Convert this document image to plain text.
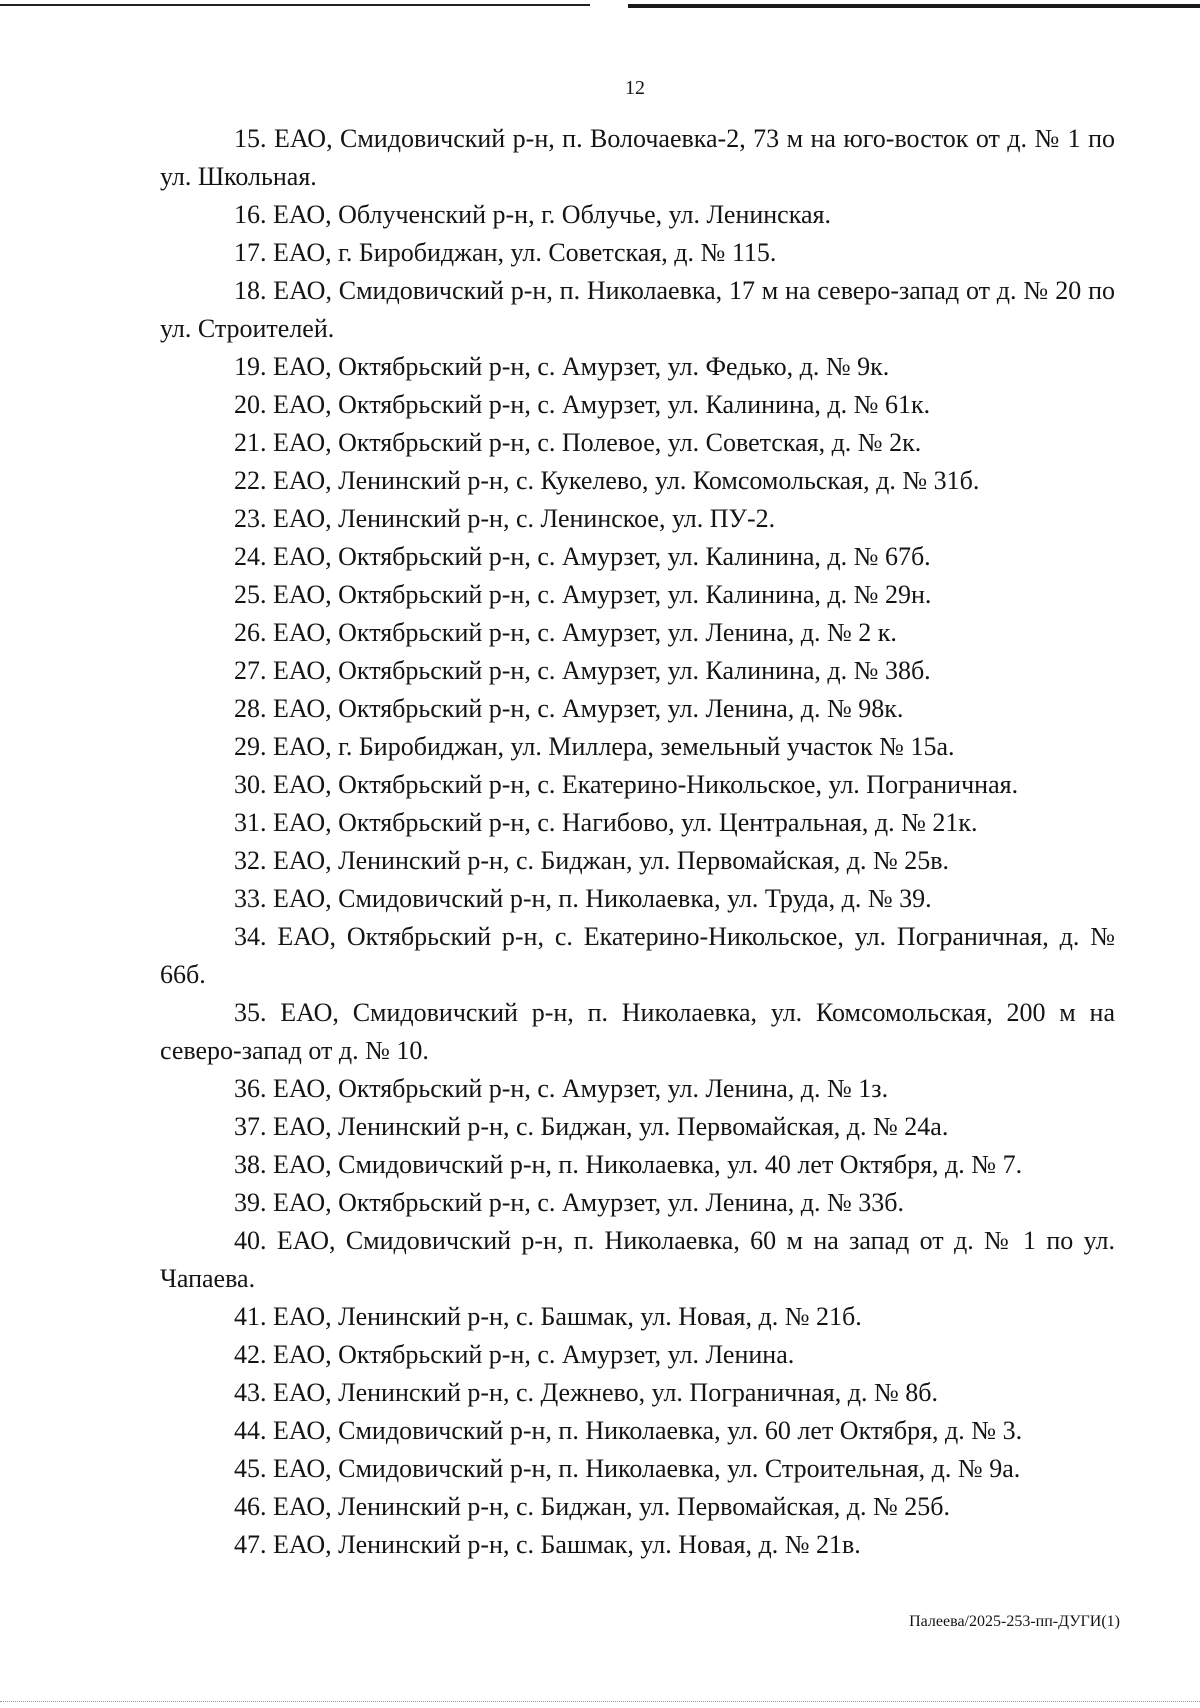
12

15. ЕАО, Смидовичский р-н, п. Волочаевка-2, 73 м на юго-восток от д. № 1 по ул. Школьная.

16. ЕАО, Облученский р-н, г. Облучье, ул. Ленинская.

17. ЕАО, г. Биробиджан, ул. Советская, д. № 115.

18. ЕАО, Смидовичский р-н, п. Николаевка, 17 м на северо-запад от д. № 20 по ул. Строителей.

19. ЕАО, Октябрьский р-н, с. Амурзет, ул. Федько, д. № 9к.

20. ЕАО, Октябрьский р-н, с. Амурзет, ул. Калинина, д. № 61к.

21. ЕАО, Октябрьский р-н, с. Полевое, ул. Советская, д. № 2к.

22. ЕАО, Ленинский р-н, с. Кукелево, ул. Комсомольская, д. № 31б.

23. ЕАО, Ленинский р-н, с. Ленинское, ул. ПУ-2.

24. ЕАО, Октябрьский р-н, с. Амурзет, ул. Калинина, д. № 67б.

25. ЕАО, Октябрьский р-н, с. Амурзет, ул. Калинина, д. № 29н.

26. ЕАО, Октябрьский р-н, с. Амурзет, ул. Ленина, д. № 2 к.

27. ЕАО, Октябрьский р-н, с. Амурзет, ул. Калинина, д. № 38б.

28. ЕАО, Октябрьский р-н, с. Амурзет, ул. Ленина, д. № 98к.

29. ЕАО, г. Биробиджан, ул. Миллера, земельный участок № 15а.

30. ЕАО, Октябрьский р-н, с. Екатерино-Никольское, ул. Пограничная.

31. ЕАО, Октябрьский р-н, с. Нагибово, ул. Центральная, д. № 21к.

32. ЕАО, Ленинский р-н, с. Биджан, ул. Первомайская, д. № 25в.

33. ЕАО, Смидовичский р-н, п. Николаевка, ул. Труда, д. № 39.

34. ЕАО, Октябрьский р-н, с. Екатерино-Никольское, ул. Пограничная, д. № 66б.

35. ЕАО, Смидовичский р-н, п. Николаевка, ул. Комсомольская, 200 м на северо-запад от д. № 10.

36. ЕАО, Октябрьский р-н, с. Амурзет, ул. Ленина, д. № 1з.

37. ЕАО, Ленинский р-н, с. Биджан, ул. Первомайская, д. № 24а.

38. ЕАО, Смидовичский р-н, п. Николаевка, ул. 40 лет Октября, д. № 7.

39. ЕАО, Октябрьский р-н, с. Амурзет, ул. Ленина, д. № 33б.

40. ЕАО, Смидовичский р-н, п. Николаевка, 60 м на запад от д. № 1 по ул. Чапаева.

41. ЕАО, Ленинский р-н, с. Башмак, ул. Новая, д. № 21б.

42. ЕАО, Октябрьский р-н, с. Амурзет, ул. Ленина.

43. ЕАО, Ленинский р-н, с. Дежнево, ул. Пограничная, д. № 8б.

44. ЕАО, Смидовичский р-н, п. Николаевка, ул. 60 лет Октября, д. № 3.

45. ЕАО, Смидовичский р-н, п. Николаевка, ул. Строительная, д. № 9а.

46. ЕАО, Ленинский р-н, с. Биджан, ул. Первомайская, д. № 25б.

47. ЕАО, Ленинский р-н, с. Башмак, ул. Новая, д. № 21в.

Палеева/2025-253-пп-ДУГИ(1)
